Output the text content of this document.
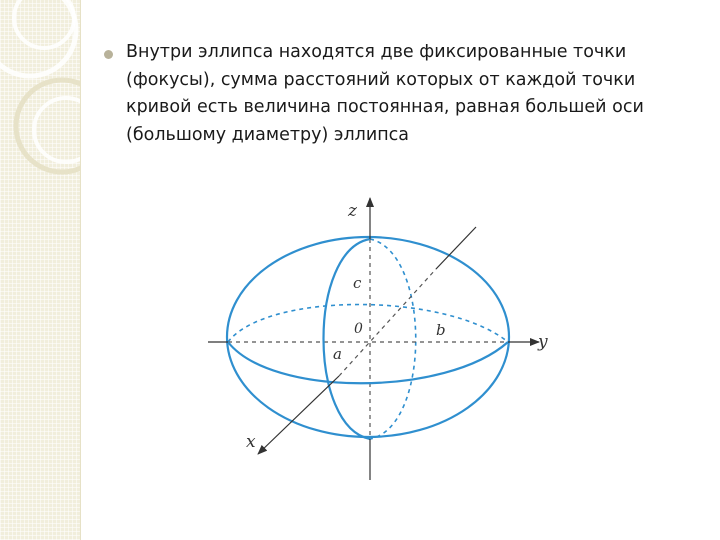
Внутри эллипса находятся две фиксированные точки
(фокусы), сумма расстояний которых от каждой точки
кривой есть величина постоянная, равная большей оси
(большому диаметру) эллипса
z
y
x
c
b
a
0
